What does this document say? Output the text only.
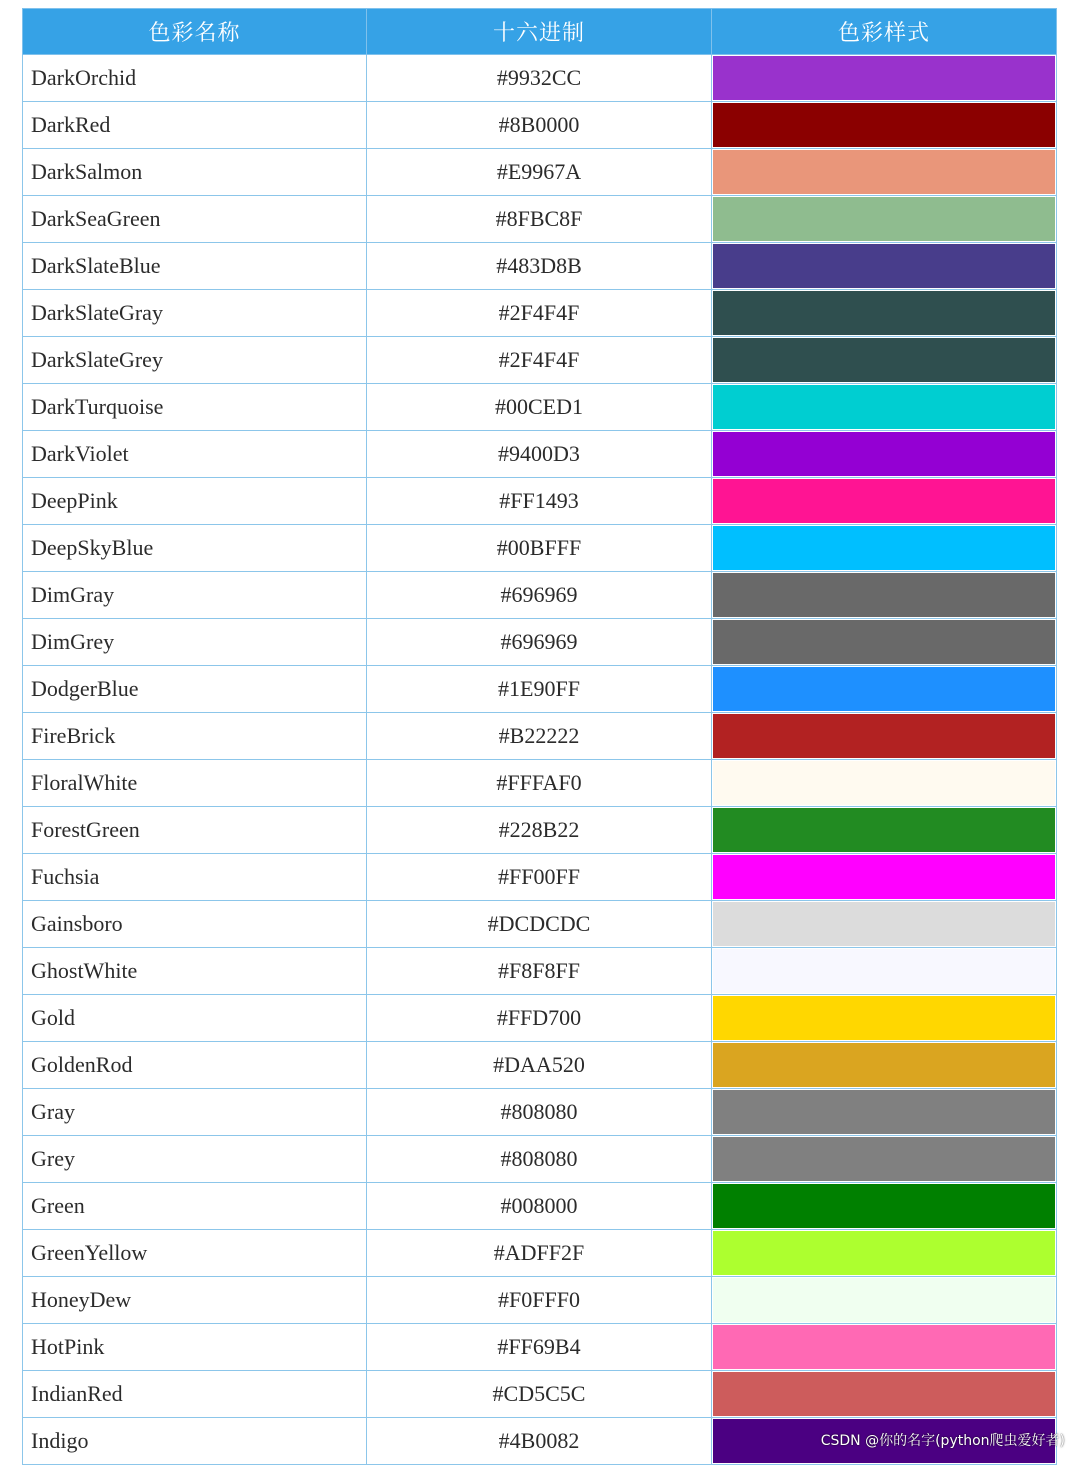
色彩名称	十六进制	色彩样式
DarkOrchid	#9932CC	

DarkRed	#8B0000	

DarkSalmon	#E9967A	

DarkSeaGreen	#8FBC8F	

DarkSlateBlue	#483D8B	

DarkSlateGray	#2F4F4F	

DarkSlateGrey	#2F4F4F	

DarkTurquoise	#00CED1	

DarkViolet	#9400D3	

DeepPink	#FF1493	

DeepSkyBlue	#00BFFF	

DimGray	#696969	

DimGrey	#696969	

DodgerBlue	#1E90FF	

FireBrick	#B22222	

FloralWhite	#FFFAF0	

ForestGreen	#228B22	

Fuchsia	#FF00FF	

Gainsboro	#DCDCDC	

GhostWhite	#F8F8FF	

Gold	#FFD700	

GoldenRod	#DAA520	

Gray	#808080	

Grey	#808080	

Green	#008000	

GreenYellow	#ADFF2F	

HoneyDew	#F0FFF0	

HotPink	#FF69B4	

IndianRed	#CD5C5C	

Indigo	#4B0082		CSDN @你的名字(python爬虫爱好者)
